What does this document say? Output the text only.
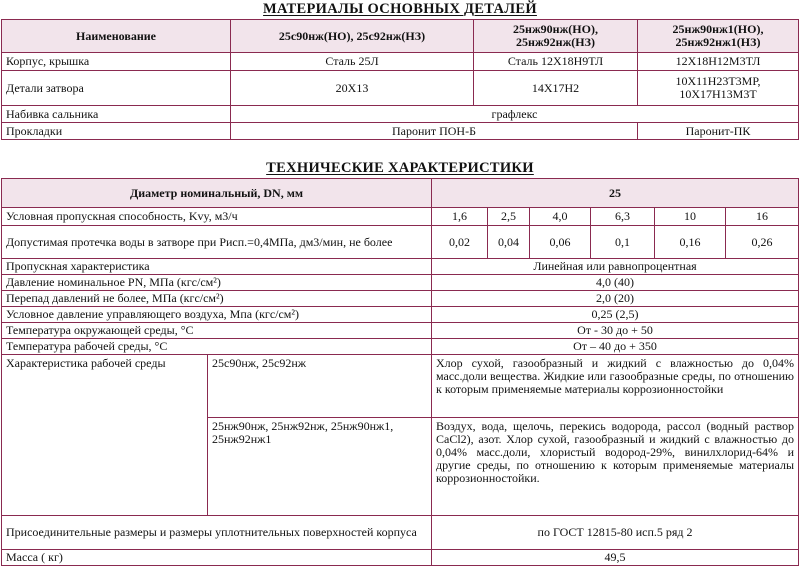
МАТЕРИАЛЫ ОСНОВНЫХ ДЕТАЛЕЙ
Наименование	25с90нж(НО), 25с92нж(НЗ)	25нж90нж(НО), 25нж92нж(НЗ)	25нж90нж1(НО), 25нж92нж1(НЗ)
Корпус, крышка	Сталь 25Л	Сталь 12Х18Н9ТЛ	12Х18Н12М3ТЛ
Детали затвора	20Х13	14Х17Н2	10Х11Н23Т3МР, 10Х17Н13М3Т
Набивка сальника	графлекс		
Прокладки	Паронит ПОН-Б		Паронит-ПК
ТЕХНИЧЕСКИЕ ХАРАКТЕРИСТИКИ
Диаметр номинальный, DN, мм		25					
Условная пропускная способность, Kvy, м3/ч		1,6	2,5	4,0	6,3	10	16
Допустимая протечка воды в затворе при Рисп.=0,4МПа, дм3/мин, не более		0,02	0,04	0,06	0,1	0,16	0,26
Пропускная характеристика		Линейная или равнопроцентная					
Давление номинальное PN, МПа (кгс/см²)		4,0 (40)					
Перепад давлений не более, МПа (кгс/см²)		2,0 (20)					
Условное давление управляющего воздуха, Мпа (кгс/см²)		0,25 (2,5)					
Температура окружающей среды, °С		От - 30 до + 50					
Температура рабочей среды, °С		От – 40 до + 350					
Характеристика рабочей среды	25с90нж, 25с92нж	Хлор сухой, газообразный и жидкий с влажностью до 0,04% масс.доли вещества. Жидкие или газообразные среды, по отношению к которым применяемые материалы коррозионностойки					
	25нж90нж, 25нж92нж, 25нж90нж1, 25нж92нж1	Воздух, вода, щелочь, перекись водорода, рассол (водный раствор CaCl2), азот. Хлор сухой, газообразный и жидкий с влажностью до 0,04% масс.доли, хлористый водород-29%, винилхлорид-64% и другие среды, по отношению к которым применяемые материалы коррозионностойки.					
Присоединительные размеры и размеры уплотнительных поверхностей корпуса		по ГОСТ 12815-80 исп.5 ряд 2					
Масса ( кг)		49,5					
